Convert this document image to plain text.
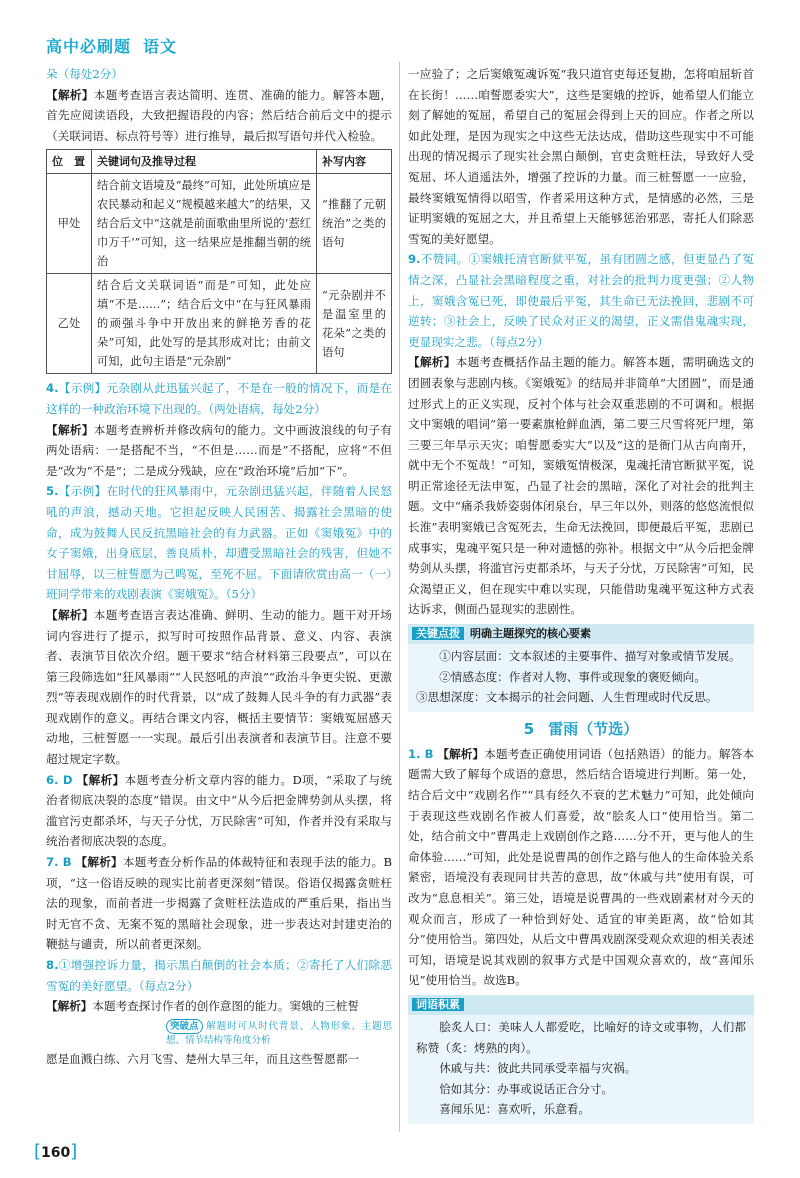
高中必刷题 语文

朵（每处2分）

【解析】本题考查语言表达简明、连贯、准确的能力。解答本题，首先应阅读语段，大致把握语段的内容；然后结合前后文中的提示（关联词语、标点符号等）进行推导，最后拟写语句并代入检验。

位　置	关键词句及推导过程	补写内容
甲处	结合前文语境及“最终”可知，此处所填应是农民暴动和起义“规模越来越大”的结果，又结合后文中“这就是前面歌曲里所说的‘惹红巾万千’”可知，这一结果应是推翻当朝的统治	“推翻了元朝统治”之类的语句
乙处	结合后文关联词语“而是”可知，此处应填“不是……”；结合后文中“在与狂风暴雨的顽强斗争中开放出来的鲜艳芳香的花朵”可知，此处写的是其形成对比；由前文可知，此句主语是“元杂剧”	“元杂剧并不是温室里的花朵”之类的语句

4.【示例】元杂剧从此迅猛兴起了，不是在一般的情况下，而是在这样的一种政治环境下出现的。（两处语病，每处2分）

【解析】本题考查辨析并修改病句的能力。文中画波浪线的句子有两处语病：一是搭配不当，“不但是……而是”不搭配，应将“不但是”改为“不是”；二是成分残缺，应在“政治环境”后加“下”。

5.【示例】在时代的狂风暴雨中，元杂剧迅猛兴起，伴随着人民怒吼的声浪，撼动天地。它担起反映人民困苦、揭露社会黑暗的使命，成为鼓舞人民反抗黑暗社会的有力武器。正如《窦娥冤》中的女子窦娥，出身底层，善良质朴，却遭受黑暗社会的残害，但她不甘屈辱，以三桩誓愿为己鸣冤，至死不屈。下面请欣赏由高一（一）班同学带来的戏剧表演《窦娥冤》。（5分）

【解析】本题考查语言表达准确、鲜明、生动的能力。题干对开场词内容进行了提示，拟写时可按照作品背景、意义、内容、表演者、表演节目依次介绍。题干要求“结合材料第三段要点”，可以在第三段筛选如“狂风暴雨”“人民怒吼的声浪”“政治斗争更尖锐、更激烈”等表现戏剧作的时代背景，以“成了鼓舞人民斗争的有力武器”表现戏剧作的意义。再结合课文内容，概括主要情节：窦娥冤屈感天动地，三桩誓愿一一实现。最后引出表演者和表演节目。注意不要超过规定字数。

6. D 【解析】本题考查分析文章内容的能力。D项，“采取了与统治者彻底决裂的态度”错误。由文中“从今后把金牌势剑从头摆，将滥官污吏都杀坏，与天子分忧，万民除害”可知，作者并没有采取与统治者彻底决裂的态度。

7. B 【解析】本题考查分析作品的体裁特征和表现手法的能力。B项，“这一俗语反映的现实比前者更深刻”错误。俗语仅揭露贪赃枉法的现象，而前者进一步揭露了贪赃枉法造成的严重后果，指出当时无官不贪、无案不冤的黑暗社会现象，进一步表达对封建吏治的鞭挞与谴责，所以前者更深刻。

8.①增强控诉力量，揭示黑白颠倒的社会本质；②寄托了人们除恶雪冤的美好愿望。（每点2分）

【解析】本题考查探讨作者的创作意图的能力。窦娥的三桩誓

突破点 解题时可从时代背景、人物形象、主题思想、情节结构等角度分析

愿是血溅白练、六月飞雪、楚州大旱三年，而且这些誓愿都一

一应验了；之后窦娥冤魂诉冤“我只道官吏每还复勘，怎将咱屈斩首在长街！……咱誓愿委实大”，这些是窦娥的控诉，她希望人们能立刻了解她的冤屈，希望自己的冤屈会得到上天的回应。作者之所以如此处理，是因为现实之中这些无法达成，借助这些现实中不可能出现的情况揭示了现实社会黑白颠倒，官吏贪赃枉法，导致好人受冤屈、坏人逍遥法外，增强了控诉的力量。而三桩誓愿一一应验，最终窦娥冤情得以昭雪，作者采用这种方式，是情感的必然，三是证明窦娥的冤屈之大，并且希望上天能够惩治邪恶，寄托人们除恶雪冤的美好愿望。

9.不赞同。①窦娥托清官断狱平冤，虽有团圆之感，但更显凸了冤情之深，凸显社会黑暗程度之重，对社会的批判力度更强；②人物上，窦娥含冤已死，即使最后平冤，其生命已无法挽回，悲剧不可逆转；③社会上，反映了民众对正义的渴望，正义需借鬼魂实现，更显现实之悲。（每点2分）

【解析】本题考查概括作品主题的能力。解答本题，需明确选文的团圆表象与悲剧内核。《窦娥冤》的结局并非简单“大团圆”，而是通过形式上的正义实现，反衬个体与社会双重悲剧的不可调和。根据文中窦娥的唱词“第一要素旗枪鲜血洒，第二要三尺雪将死尸埋，第三要三年旱示天灾；咱誓愿委实大”以及“这的是衙门从古向南开，就中无个不冤哉！”可知，窦娥冤情极深，鬼魂托清官断狱平冤，说明正常途径无法申冤，凸显了社会的黑暗，深化了对社会的批判主题。文中“痛杀我娇姿弱体闭泉台，早三年以外，则落的悠悠流恨似长淮”表明窦娥已含冤死去，生命无法挽回，即便最后平冤，悲剧已成事实，鬼魂平冤只是一种对遗憾的弥补。根据文中“从今后把金牌势剑从头摆，将滥官污吏都杀坏，与天子分忧，万民除害”可知，民众渴望正义，但在现实中难以实现，只能借助鬼魂平冤这种方式表达诉求，侧面凸显现实的悲剧性。

关键点拨 明确主题探究的核心要素

①内容层面：文本叙述的主要事件、描写对象或情节发展。

②情感态度：作者对人物、事件或现象的褒贬倾向。

③思想深度：文本揭示的社会问题、人生哲理或时代反思。

5 雷雨（节选）

1. B 【解析】本题考查正确使用词语（包括熟语）的能力。解答本题需大致了解每个成语的意思，然后结合语境进行判断。第一处，结合后文中“戏剧名作”“具有经久不衰的艺术魅力”可知，此处倾向于表现这些戏剧名作被人们喜爱，故“脍炙人口”使用恰当。第二处，结合前文中“曹禺走上戏剧创作之路……分不开，更与他人的生命体验……”可知，此处是说曹禺的创作之路与他人的生命体验关系紧密，语境没有表现同甘共苦的意思，故“休戚与共”使用有误，可改为“息息相关”。第三处，语境是说曹禺的一些戏剧素材对今天的观众而言，形成了一种恰到好处、适宜的审美距离，故“恰如其分”使用恰当。第四处，从后文中曹禺戏剧深受观众欢迎的相关表述可知，语境是说其戏剧的叙事方式是中国观众喜欢的，故“喜闻乐见”使用恰当。故选B。

词语积累

脍炙人口：美味人人都爱吃，比喻好的诗文或事物，人们都称赞（炙：烤熟的肉）。

休戚与共：彼此共同承受幸福与灾祸。

恰如其分：办事或说话正合分寸。

喜闻乐见：喜欢听，乐意看。

[160]
